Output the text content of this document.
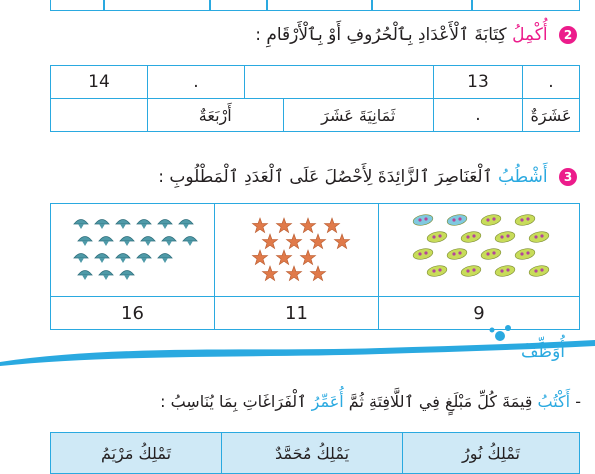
2 أُكْمِلُ كِتَابَةَ ٱلْأَعْدَادِ بِٱلْحُرُوفِ أَوْ بِٱلْأَرْقَامِ :
14	.			13	.
	أَرْبَعَةٌ		ثَمَانِيَةَ عَشَرَ	.	عَشَرَةٌ
3 أَشْطُبُ ٱلْعَنَاصِرَ ٱلزَّائِدَةَ لِأَحْصُلَ عَلَى ٱلْعَدَدِ ٱلْمَطْلُوبِ :

16	11	9
أُوَظِّفُ
- أَكْتُبُ قِيمَةَ كُلِّ مَبْلَغٍ فِي ٱللَّافِتَةِ ثُمَّ أُعَمِّرُ ٱلْفَرَاغَاتِ بِمَا يُنَاسِبُ :
تَمْلِكُ مَرْيَمُ	يَمْلِكُ مُحَمَّدٌ	تَمْلِكُ نُورُ
